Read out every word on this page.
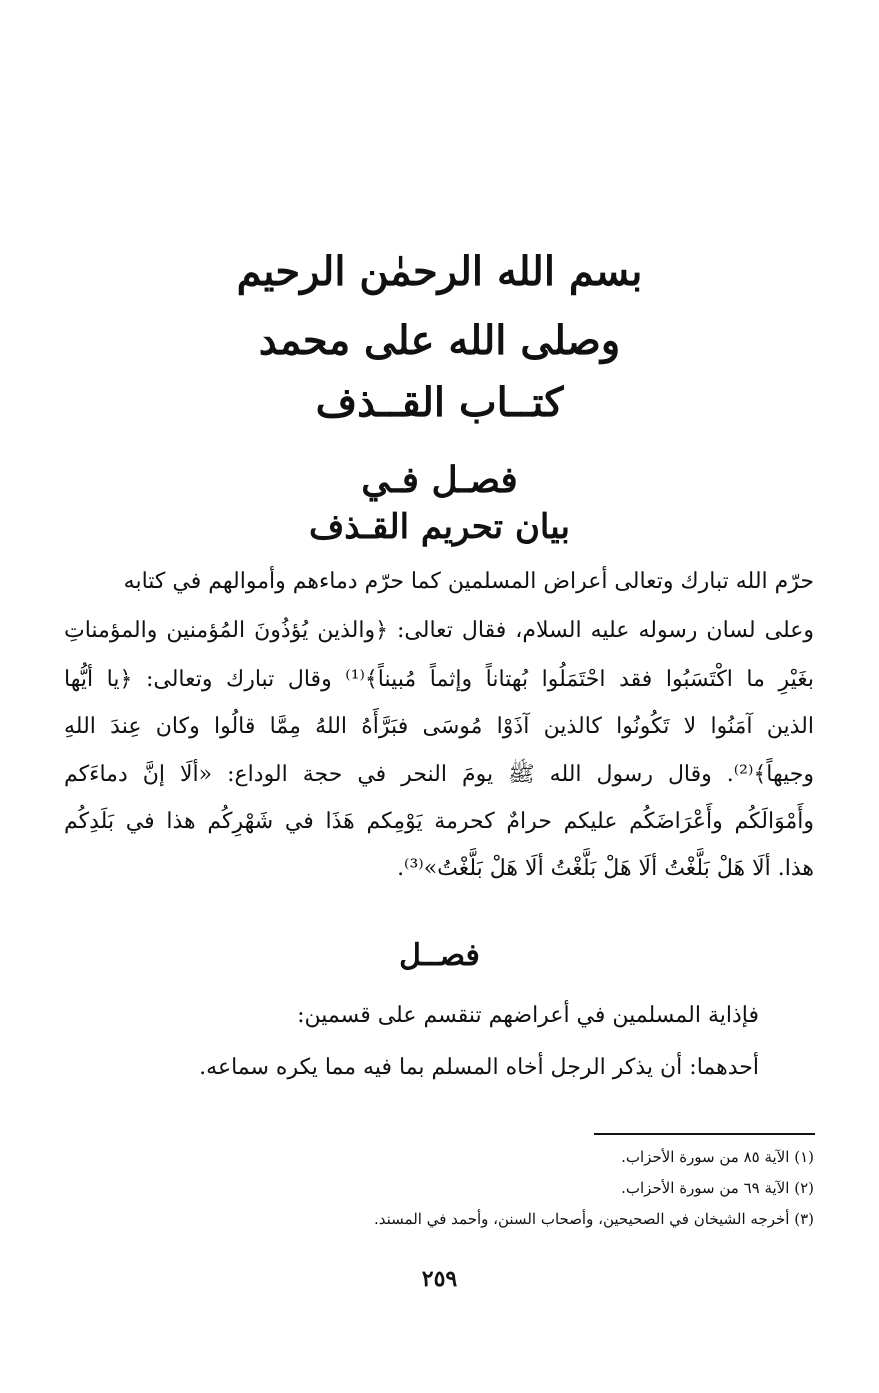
بسم الله الرحمٰن الرحيم
وصلى الله على محمد
كتــاب القــذف
فصـل فـي
بيان تحريم القـذف
حرّم الله تبارك وتعالى أعراض المسلمين كما حرّم دماءهم وأموالهم في كتابه
وعلى لسان رسوله عليه السلام، فقال تعالى: ﴿والذين يُؤذُونَ المُؤمنين والمؤمناتِ
بغَيْرِ ما اكْتَسَبُوا فقد احْتَمَلُوا بُهتاناً وإثماً مُبيناً﴾⁽¹⁾ وقال تبارك وتعالى: ﴿يا أيُّها
الذين آمَنُوا لا تَكُونُوا كالذين آذَوْا مُوسَى فبَرَّأَهُ اللهُ مِمَّا قالُوا وكان عِندَ اللهِ
وجيهاً﴾⁽²⁾. وقال رسول الله ﷺ يومَ النحر في حجة الوداع: «ألَا إنَّ دماءَكم
وأَمْوَالَكُم وأَعْرَاضَكُم عليكم حرامٌ كحرمة يَوْمِكم هَذَا في شَهْرِكُم هذا في بَلَدِكُم
هذا. ألَا هَلْ بَلَّغْتُ ألَا هَلْ بَلَّغْتُ ألَا هَلْ بَلَّغْتُ»⁽³⁾.
فصــل
فإذاية المسلمين في أعراضهم تنقسم على قسمين:
أحدهما: أن يذكر الرجل أخاه المسلم بما فيه مما يكره سماعه.
(١) الآية ٨٥ من سورة الأحزاب.
(٢) الآية ٦٩ من سورة الأحزاب.
(٣) أخرجه الشيخان في الصحيحين، وأصحاب السنن، وأحمد في المسند.
٢٥٩
